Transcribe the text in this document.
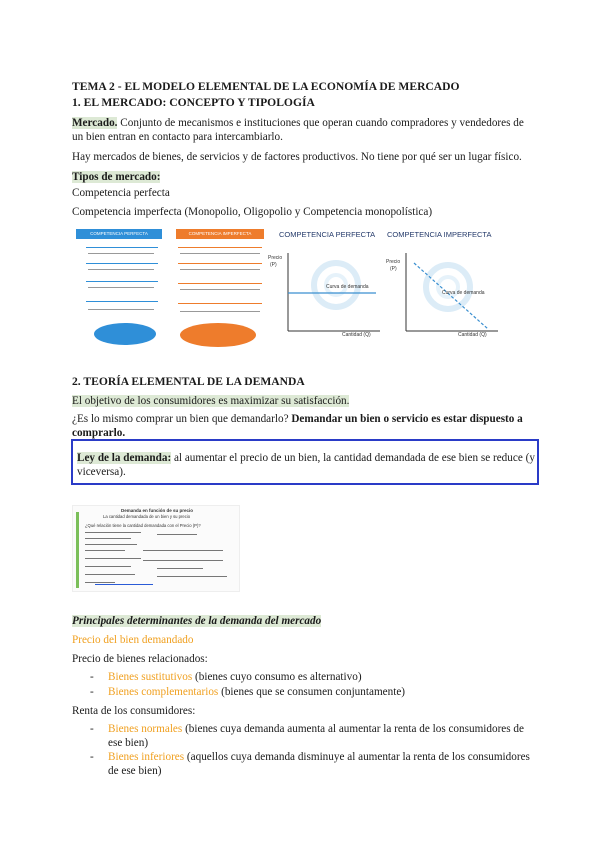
TEMA 2 - EL MODELO ELEMENTAL DE LA ECONOMÍA DE MERCADO
1. EL MERCADO: CONCEPTO Y TIPOLOGÍA
Mercado. Conjunto de mecanismos e instituciones que operan cuando compradores y vendedores de
un bien entran en contacto para intercambiarlo.
Hay mercados de bienes, de servicios y de factores productivos. No tiene por qué ser un lugar físico.
Tipos de mercado:
Competencia perfecta
Competencia imperfecta (Monopolio, Oligopolio y Competencia monopolística)
COMPETENCIA PERFECTA	COMPETENCIA IMPERFECTA	COMPETENCIA PERFECTA
Precio
(P)
Curva de demanda
Cantidad (Q)
COMPETENCIA IMPERFECTA
Precio
(P)
Curva de demanda
Cantidad (Q)
2. TEORÍA ELEMENTAL DE LA DEMANDA
El objetivo de los consumidores es maximizar su satisfacción.
¿Es lo mismo comprar un bien que demandarlo? Demandar un bien o servicio es estar dispuesto a
comprarlo.
Ley de la demanda: al aumentar el precio de un bien, la cantidad demandada de ese bien se reduce (y
viceversa).
Demanda en función de su precio
La cantidad demandada de un bien y su precio
¿Qué relación tiene la cantidad demandada con el Precio (P)?
Principales determinantes de la demanda del mercado
Precio del bien demandado
Precio de bienes relacionados:
- Bienes sustitutivos (bienes cuyo consumo es alternativo)
- Bienes complementarios (bienes que se consumen conjuntamente)
Renta de los consumidores:
- Bienes normales (bienes cuya demanda aumenta al aumentar la renta de los consumidores de
ese bien)
- Bienes inferiores (aquellos cuya demanda disminuye al aumentar la renta de los consumidores
de ese bien)
